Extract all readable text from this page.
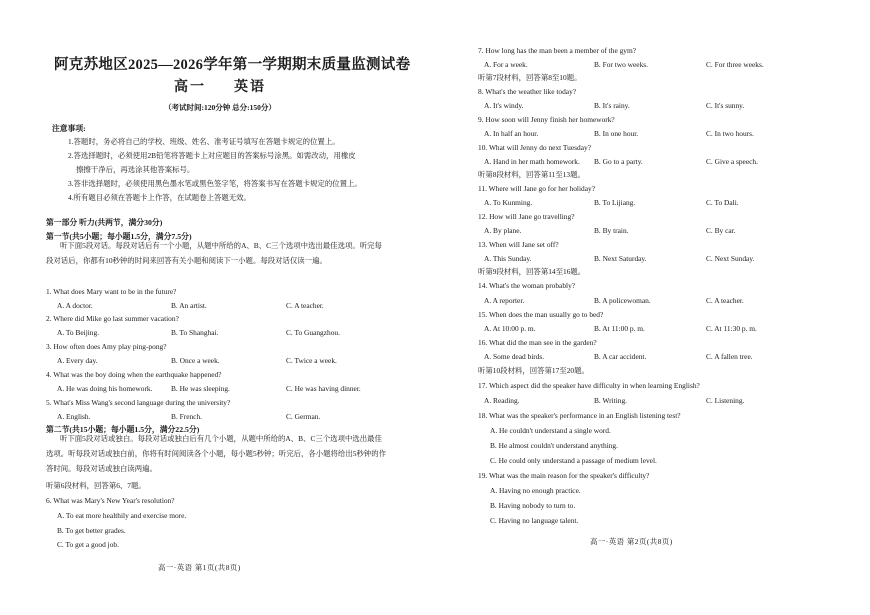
阿克苏地区2025—2026学年第一学期期末质量监测试卷
高一 英语
（考试时间:120分钟 总分:150分）
注意事项:
1.答题时，务必将自己的学校、班级、姓名、准考证号填写在答题卡规定的位置上。
2.答选择题时，必须使用2B铅笔将答题卡上对应题目的答案标号涂黑。如需改动，用橡皮
擦擦干净后，再选涂其他答案标号。
3.答非选择题时，必须使用黑色墨水笔或黑色签字笔，将答案书写在答题卡规定的位置上。
4.所有题目必须在答题卡上作答，在试题卷上答题无效。
第一部分 听力(共两节，满分30分)
第一节(共5小题；每小题1.5分，满分7.5分)
听下面5段对话。每段对话后有一个小题，从题中所给的A、B、C三个选项中选出最佳选项。听完每段对话后，你都有10秒钟的时间来回答有关小题和阅读下一小题。每段对话仅读一遍。
1. What does Mary want to be in the future?
A. A doctor.	B. An artist.	C. A teacher.
2. Where did Mike go last summer vacation?
A. To Beijing.	B. To Shanghai.	C. To Guangzhou.
3. How often does Amy play ping-pong?
A. Every day.	B. Once a week.	C. Twice a week.
4. What was the boy doing when the earthquake happened?
A. He was doing his homework.	B. He was sleeping.	C. He was having dinner.
5. What's Miss Wang's second language during the university?
A. English.	B. French.	C. German.
第二节(共15小题；每小题1.5分，满分22.5分)
听下面5段对话或独白。每段对话或独白后有几个小题，从题中所给的A、B、C三个选项中选出最佳选项。听每段对话或独白前，你将有时间阅读各个小题，每小题5秒钟；听完后，各小题将给出5秒钟的作答时间。每段对话或独白读两遍。
听第6段材料，回答第6、7题。
6. What was Mary's New Year's resolution?
A. To eat more healthily and exercise more.
B. To get better grades.
C. To get a good job.
高一·英语 第1页(共8页)
7. How long has the man been a member of the gym?
A. For a week.	B. For two weeks.	C. For three weeks.
听第7段材料，回答第8至10题。
8. What's the weather like today?
A. It's windy.	B. It's rainy.	C. It's sunny.
9. How soon will Jenny finish her homework?
A. In half an hour.	B. In one hour.	C. In two hours.
10. What will Jenny do next Tuesday?
A. Hand in her math homework. B. Go to a party.	C. Give a speech.
听第8段材料，回答第11至13题。
11. Where will Jane go for her holiday?
A. To Kunming.	B. To Lijiang.	C. To Dali.
12. How will Jane go travelling?
A. By plane.	B. By train.	C. By car.
13. When will Jane set off?
A. This Sunday.	B. Next Saturday.	C. Next Sunday.
听第9段材料，回答第14至16题。
14. What's the woman probably?
A. A reporter.	B. A policewoman.	C. A teacher.
15. When does the man usually go to bed?
A. At 10:00 p. m.	B. At 11:00 p. m.	C. At 11:30 p. m.
16. What did the man see in the garden?
A. Some dead birds.	B. A car accident.	C. A fallen tree.
听第10段材料，回答第17至20题。
17. Which aspect did the speaker have difficulty in when learning English?
A. Reading.	B. Writing.	C. Listening.
18. What was the speaker's performance in an English listening test?
A. He couldn't understand a single word.
B. He almost couldn't understand anything.
C. He could only understand a passage of medium level.
19. What was the main reason for the speaker's difficulty?
A. Having no enough practice.
B. Having nobody to turn to.
C. Having no language talent.
高一·英语 第2页(共8页)
